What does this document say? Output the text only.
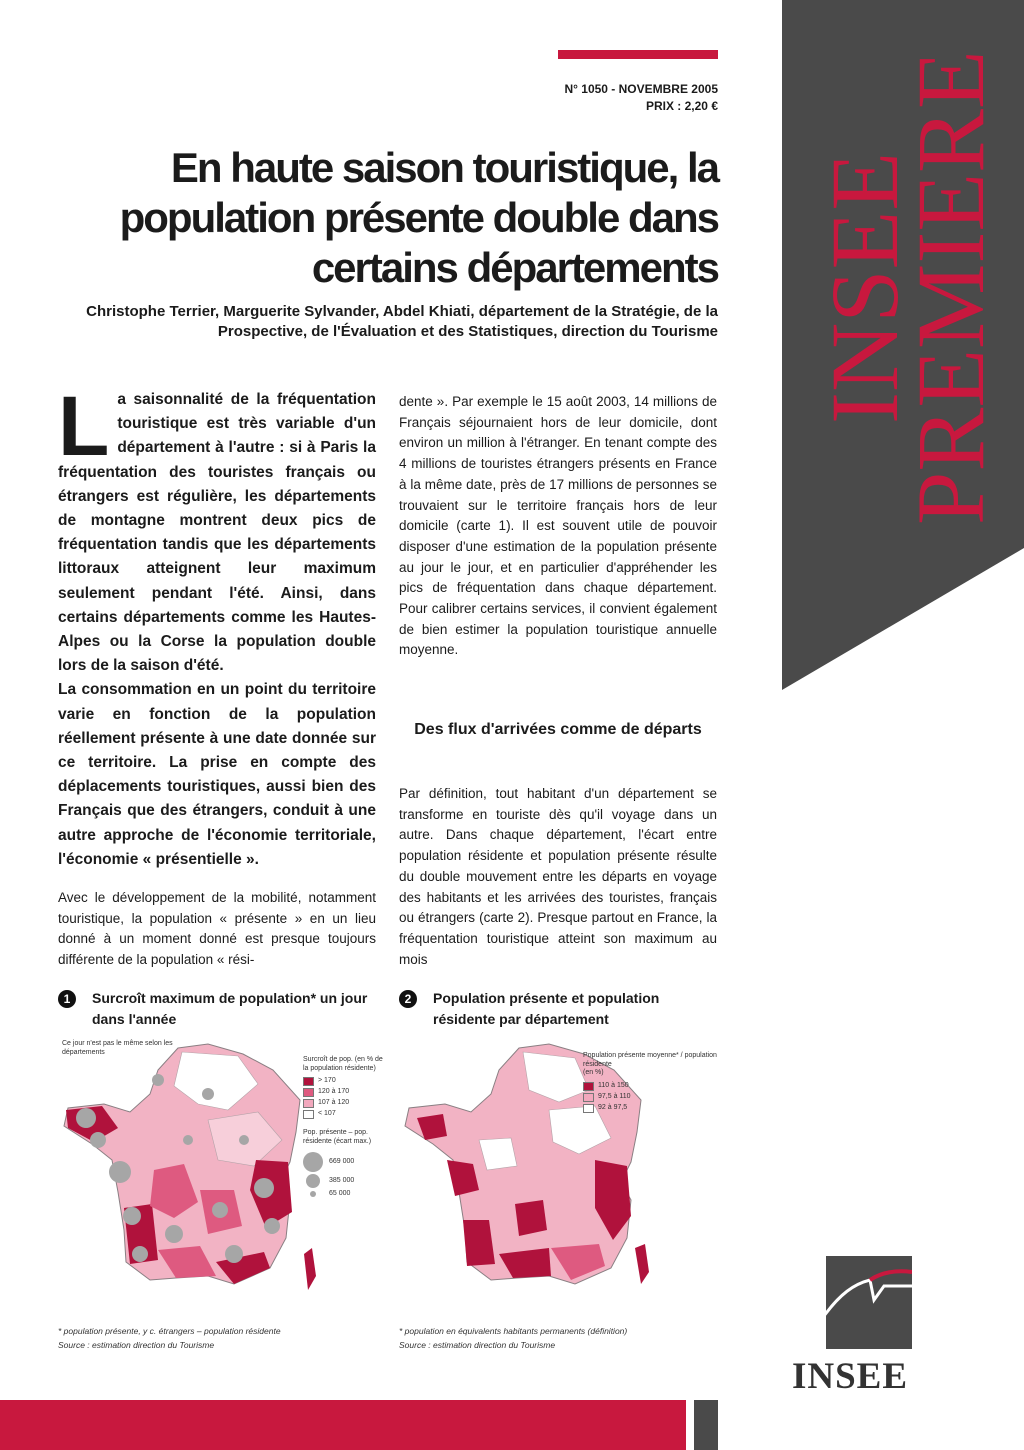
N° 1050 - NOVEMBRE 2005
PRIX : 2,20 €
En haute saison touristique, la population présente double dans certains départements
Christophe Terrier, Marguerite Sylvander, Abdel Khiati, département de la Stratégie, de la Prospective, de l'Évaluation et des Statistiques, direction du Tourisme INSEE
PREMIERE
L a saisonnalité de la fréquentation touristique est très variable d'un département à l'autre : si à Paris la fréquentation des touristes français ou étrangers est régulière, les départements de montagne montrent deux pics de fréquentation tandis que les départements littoraux atteignent leur maximum seulement pendant l'été. Ainsi, dans certains départements comme les Hautes-Alpes ou la Corse la population double lors de la saison d'été.

La consommation en un point du territoire varie en fonction de la population réellement présente à une date donnée sur ce territoire. La prise en compte des déplacements touristiques, aussi bien des Français que des étrangers, conduit à une autre approche de l'économie territoriale, l'économie « présentielle ».

Avec le développement de la mobilité, notamment touristique, la population « présente » en un lieu donné à un moment donné est presque toujours différente de la population « rési-

dente ». Par exemple le 15 août 2003, 14 millions de Français séjournaient hors de leur domicile, dont environ un million à l'étranger. En tenant compte des 4 millions de touristes étrangers présents en France à la même date, près de 17 millions de personnes se trouvaient sur le territoire français hors de leur domicile (carte 1). Il est souvent utile de pouvoir disposer d'une estimation de la population présente au jour le jour, et en particulier d'appréhender les pics de fréquentation dans chaque département. Pour calibrer certains services, il convient également de bien estimer la population touristique annuelle moyenne.

Des flux d'arrivées comme de départs

Par définition, tout habitant d'un département se transforme en touriste dès qu'il voyage dans un autre. Dans chaque département, l'écart entre population résidente et population présente résulte du double mouvement entre les départs en voyage des habitants et les arrivées des touristes, français ou étrangers (carte 2). Presque partout en France, la fréquentation touristique atteint son maximum au mois

1	Surcroît maximum de population* un jour dans l'année
2	Population présente et population résidente par département
Ce jour n'est pas le même selon les départements
Surcroît de pop. (en % de la population résidente)
> 170
120 à 170
107 à 120
< 107
Pop. présente – pop. résidente (écart max.)
669 000
385 000
65 000
Population présente moyenne* / population résidente
(en %)
110 à 150
97,5 à 110
92 à 97,5
* population présente, y c. étrangers – population résidente
Source : estimation direction du Tourisme
* population en équivalents habitants permanents (définition)
Source : estimation direction du Tourisme
INSEE
